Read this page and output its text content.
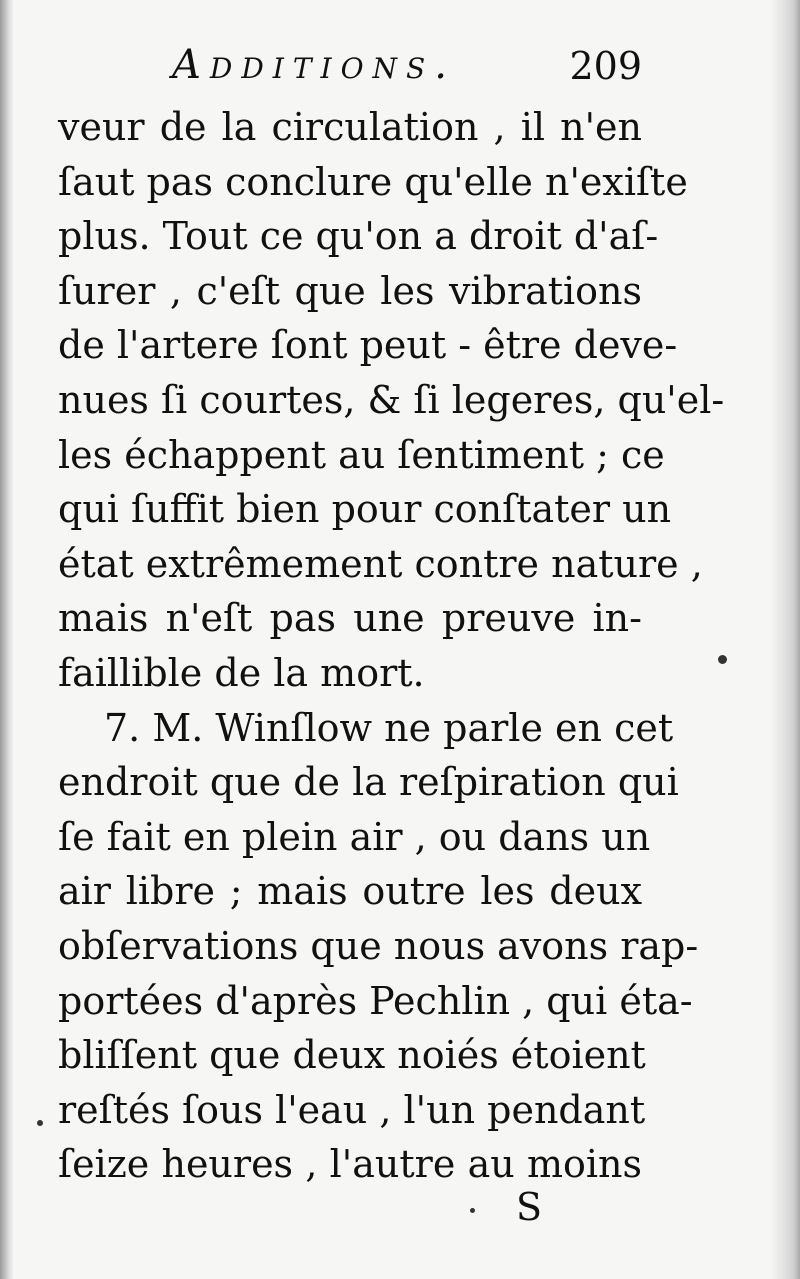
Additions.	209
veur de la circulation , il n'en
ſaut pas conclure qu'elle n'exiſte
plus. Tout ce qu'on a droit d'aſ-
ſurer , c'eſt que les vibrations
de l'artere ſont peut - être deve-
nues ſi courtes, & ſi legeres, qu'el-
les échappent au ſentiment ; ce
qui ſuffit bien pour conſtater un
état extrêmement contre nature ,
mais n'eſt pas une preuve in-
faillible de la mort.
7. M. Winſlow ne parle en cet
endroit que de la reſpiration qui
ſe fait en plein air , ou dans un
air libre ; mais outre les deux
obſervations que nous avons rap-
portées d'après Pechlin , qui éta-
bliſſent que deux noiés étoient
reſtés ſous l'eau , l'un pendant
ſeize heures , l'autre au moins
S
